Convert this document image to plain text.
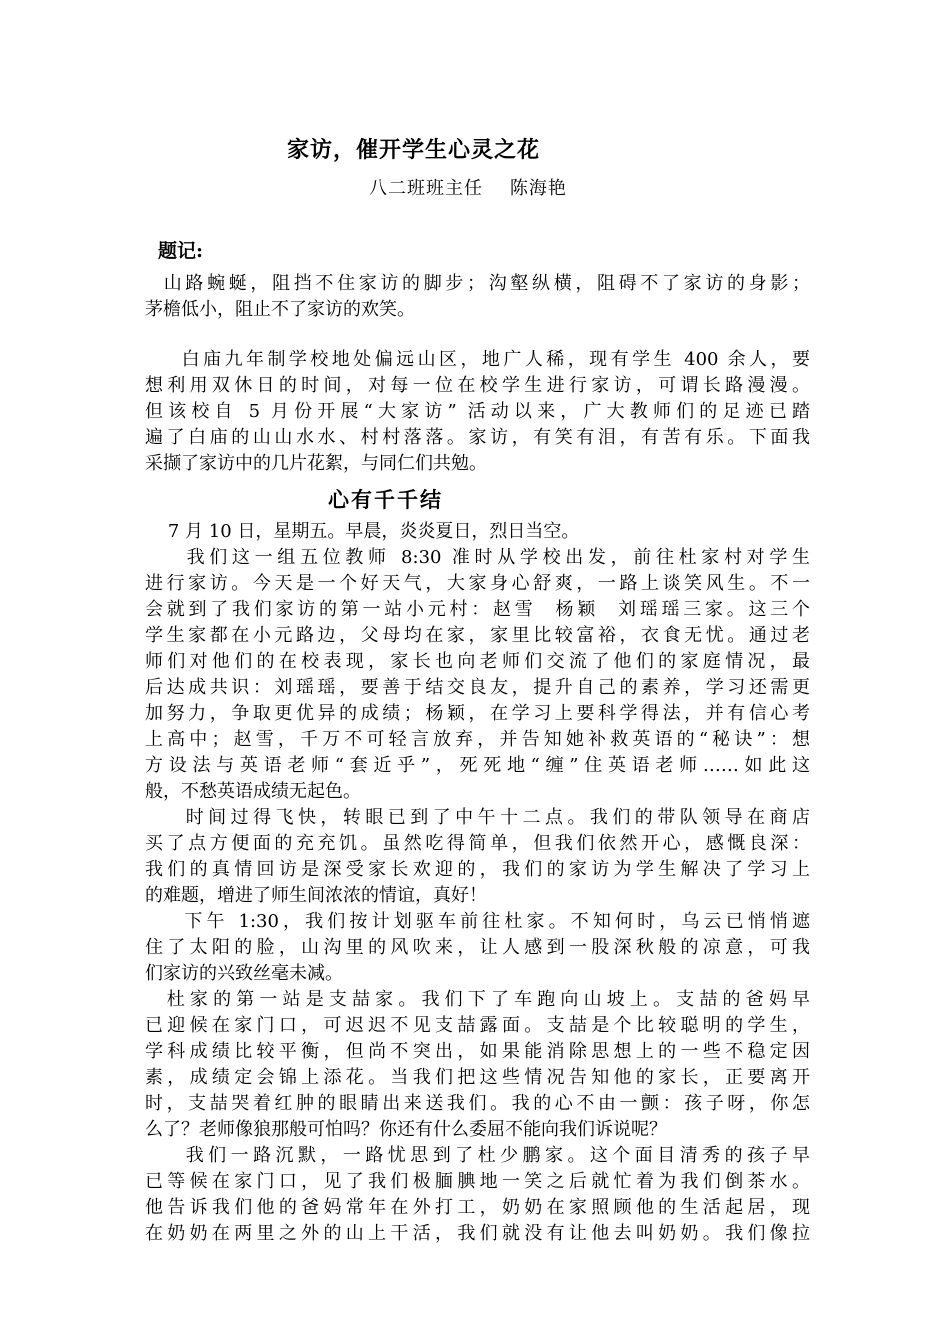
家访，催开学生心灵之花
八二班班主任    陈海艳
题记:
山路蜿蜒，阻挡不住家访的脚步；沟壑纵横，阻碍不了家访的身影；
茅檐低小，阻止不了家访的欢笑。
白庙九年制学校地处偏远山区，地广人稀，现有学生 400 余人，要
想利用双休日的时间，对每一位在校学生进行家访，可谓长路漫漫。
但该校自 5 月份开展“大家访” 活动以来，广大教师们的足迹已踏
遍了白庙的山山水水、村村落落。家访，有笑有泪，有苦有乐。下面我
采撷了家访中的几片花絮，与同仁们共勉。
心有千千结
7 月 10 日，星期五。早晨，炎炎夏日，烈日当空。
我们这一组五位教师 8:30 准时从学校出发，前往杜家村对学生
进行家访。今天是一个好天气，大家身心舒爽，一路上谈笑风生。不一
会就到了我们家访的第一站小元村：赵雪  杨颖  刘瑶瑶三家。这三个
学生家都在小元路边，父母均在家，家里比较富裕，衣食无忧。通过老
师们对他们的在校表现，家长也向老师们交流了他们的家庭情况，最
后达成共识：刘瑶瑶，要善于结交良友，提升自己的素养，学习还需更
加努力，争取更优异的成绩；杨颖，在学习上要科学得法，并有信心考
上高中；赵雪，千万不可轻言放弃，并告知她补救英语的“秘诀”：想
方设法与英语老师“套近乎”，死死地“缠”住英语老师……如此这
般，不愁英语成绩无起色。
时间过得飞快，转眼已到了中午十二点。我们的带队领导在商店
买了点方便面的充充饥。虽然吃得简单，但我们依然开心，感慨良深：
我们的真情回访是深受家长欢迎的，我们的家访为学生解决了学习上
的难题，增进了师生间浓浓的情谊，真好！
下午 1:30，我们按计划驱车前往杜家。不知何时，乌云已悄悄遮
住了太阳的脸，山沟里的风吹来，让人感到一股深秋般的凉意，可我
们家访的兴致丝毫未减。
杜家的第一站是支喆家。我们下了车跑向山坡上。支喆的爸妈早
已迎候在家门口，可迟迟不见支喆露面。支喆是个比较聪明的学生，
学科成绩比较平衡，但尚不突出，如果能消除思想上的一些不稳定因
素，成绩定会锦上添花。当我们把这些情况告知他的家长，正要离开
时，支喆哭着红肿的眼睛出来送我们。我的心不由一颤：孩子呀，你怎
么了？老师像狼那般可怕吗？你还有什么委屈不能向我们诉说呢？
我们一路沉默，一路忧思到了杜少鹏家。这个面目清秀的孩子早
已等候在家门口，见了我们极腼腆地一笑之后就忙着为我们倒茶水。
他告诉我们他的爸妈常年在外打工，奶奶在家照顾他的生活起居，现
在奶奶在两里之外的山上干活，我们就没有让他去叫奶奶。我们像拉
